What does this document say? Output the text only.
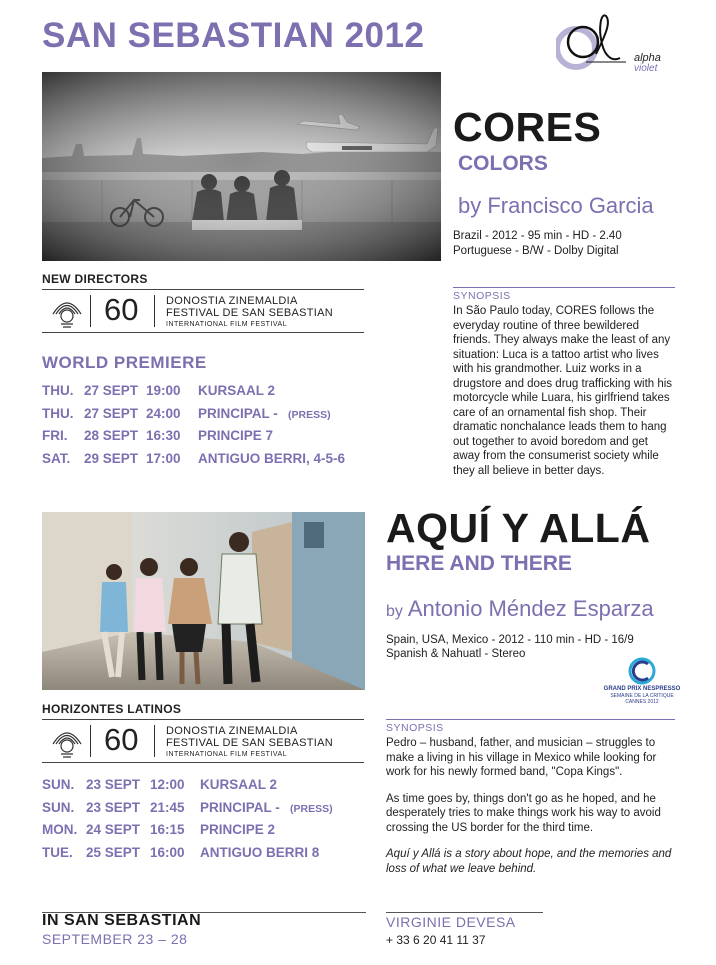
SAN SEBASTIAN 2012
alpha
violet
CORES
COLORS
by Francisco Garcia
Brazil - 2012 - 95 min - HD - 2.40
Portuguese - B/W - Dolby Digital
SYNOPSIS
In São Paulo today, CORES follows the everyday routine of three bewildered friends. They always make the least of any situation: Luca is a tattoo artist who lives with his grandmother. Luiz works in a drugstore and does drug trafficking with his motorcycle while Luara, his girlfriend takes care of an ornamental fish shop. Their dramatic nonchalance leads them to hang out together to avoid boredom and get away from the consumerist society while they all believe in better days.
NEW DIRECTORS
60	DONOSTIA ZINEMALDIA
FESTIVAL DE SAN SEBASTIAN
INTERNATIONAL FILM FESTIVAL
WORLD PREMIERE
THU. 27 SEPT 19:00 KURSAAL 2
THU. 27 SEPT 24:00 PRINCIPAL - (PRESS)
FRI. 28 SEPT 16:30 PRINCIPE 7
SAT. 29 SEPT 17:00 ANTIGUO BERRI, 4-5-6
AQUÍ Y ALLÁ
HERE AND THERE
by Antonio Méndez Esparza
Spain, USA, Mexico - 2012 - 110 min - HD - 16/9
Spanish & Nahuatl - Stereo
GRAND PRIX NESPRESSO
SEMAINE DE LA CRITIQUE
CANNES 2012
SYNOPSIS

Pedro – husband, father, and musician – struggles to make a living in his village in Mexico while looking for work for his newly formed band, "Copa Kings".

As time goes by, things don't go as he hoped, and he desperately tries to make things work his way to avoid crossing the US border for the third time.

Aquí y Allá is a story about hope, and the memories and loss of what we leave behind.

HORIZONTES LATINOS
60	DONOSTIA ZINEMALDIA
FESTIVAL DE SAN SEBASTIAN
INTERNATIONAL FILM FESTIVAL
SUN. 23 SEPT 12:00 KURSAAL 2
SUN. 23 SEPT 21:45 PRINCIPAL - (PRESS)
MON. 24 SEPT 16:15 PRINCIPE 2
TUE. 25 SEPT 16:00 ANTIGUO BERRI 8
IN SAN SEBASTIAN
SEPTEMBER 23 – 28
VIRGINIE DEVESA
+ 33 6 20 41 11 37
